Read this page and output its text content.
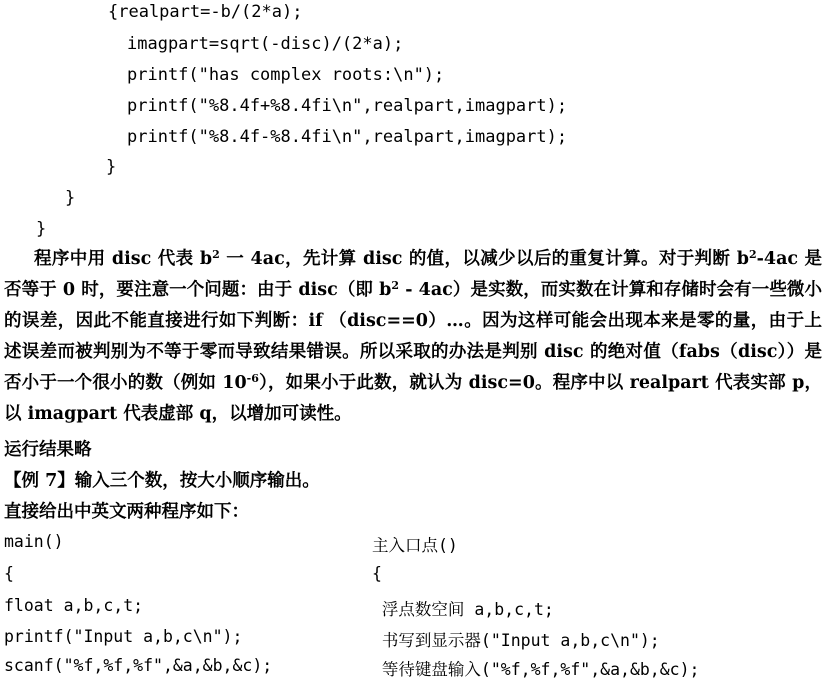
{realpart=-b/(2*a);
imagpart=sqrt(-disc)/(2*a);
printf("has complex roots:\n");
printf("%8.4f+%8.4fi\n",realpart,imagpart);
printf("%8.4f-%8.4fi\n",realpart,imagpart);
}
}
}
程序中用 disc 代表 $b^2$ 一 4ac，先计算 disc 的值，以减少以后的重复计算。对于判断 $b^2-4ac$ 是否等于 0 时，要注意一个问题：由于 disc（即 $b^2 - 4ac$）是实数，而实数在计算和存储时会有一些微小的误差，因此不能直接进行如下判断：if （disc==0）…。因为这样可能会出现本来是零的量，由于上述误差而被判别为不等于零而导致结果错误。所以采取的办法是判别 disc 的绝对值（fabs（disc））是否小于一个很小的数（例如 $10^{-6}$），如果小于此数，就认为 disc=0。程序中以 realpart 代表实部 p，以 imagpart 代表虚部 q，以增加可读性。
运行结果略
【例 7】输入三个数，按大小顺序输出。
直接给出中英文两种程序如下：
main()
{
float a,b,c,t;
printf("Input a,b,c\n");
scanf("%f,%f,%f",&a,&b,&c);
主入口点()
{
浮点数空间 a,b,c,t;
书写到显示器("Input a,b,c\n");
等待键盘输入("%f,%f,%f",&a,&b,&c);
